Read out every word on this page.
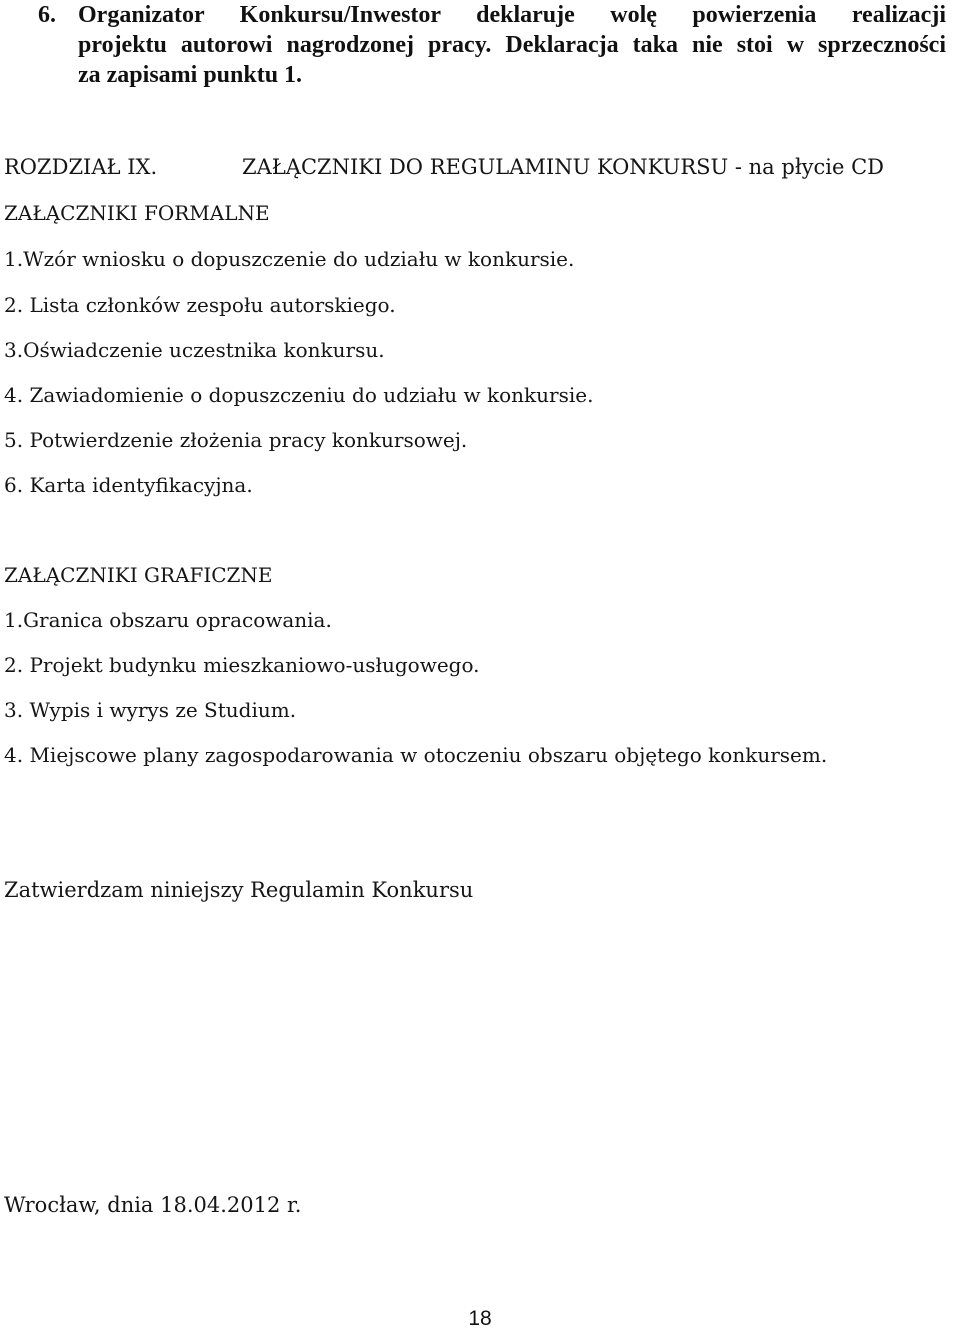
6. Organizator Konkursu/Inwestor deklaruje wolę powierzenia realizacji
projektu autorowi nagrodzonej pracy. Deklaracja taka nie stoi w sprzeczności
za zapisami punktu 1.
ROZDZIAŁ IX.	ZAŁĄCZNIKI DO REGULAMINU KONKURSU - na płycie CD
ZAŁĄCZNIKI FORMALNE
1.Wzór wniosku o dopuszczenie do udziału w konkursie.
2. Lista członków zespołu autorskiego.
3.Oświadczenie uczestnika konkursu.
4. Zawiadomienie o dopuszczeniu do udziału w konkursie.
5. Potwierdzenie złożenia pracy konkursowej.
6. Karta identyfikacyjna.
ZAŁĄCZNIKI GRAFICZNE
1.Granica obszaru opracowania.
2. Projekt budynku mieszkaniowo-usługowego.
3. Wypis i wyrys ze Studium.
4. Miejscowe plany zagospodarowania w otoczeniu obszaru objętego konkursem.
Zatwierdzam niniejszy Regulamin Konkursu
Wrocław, dnia 18.04.2012 r.
18
